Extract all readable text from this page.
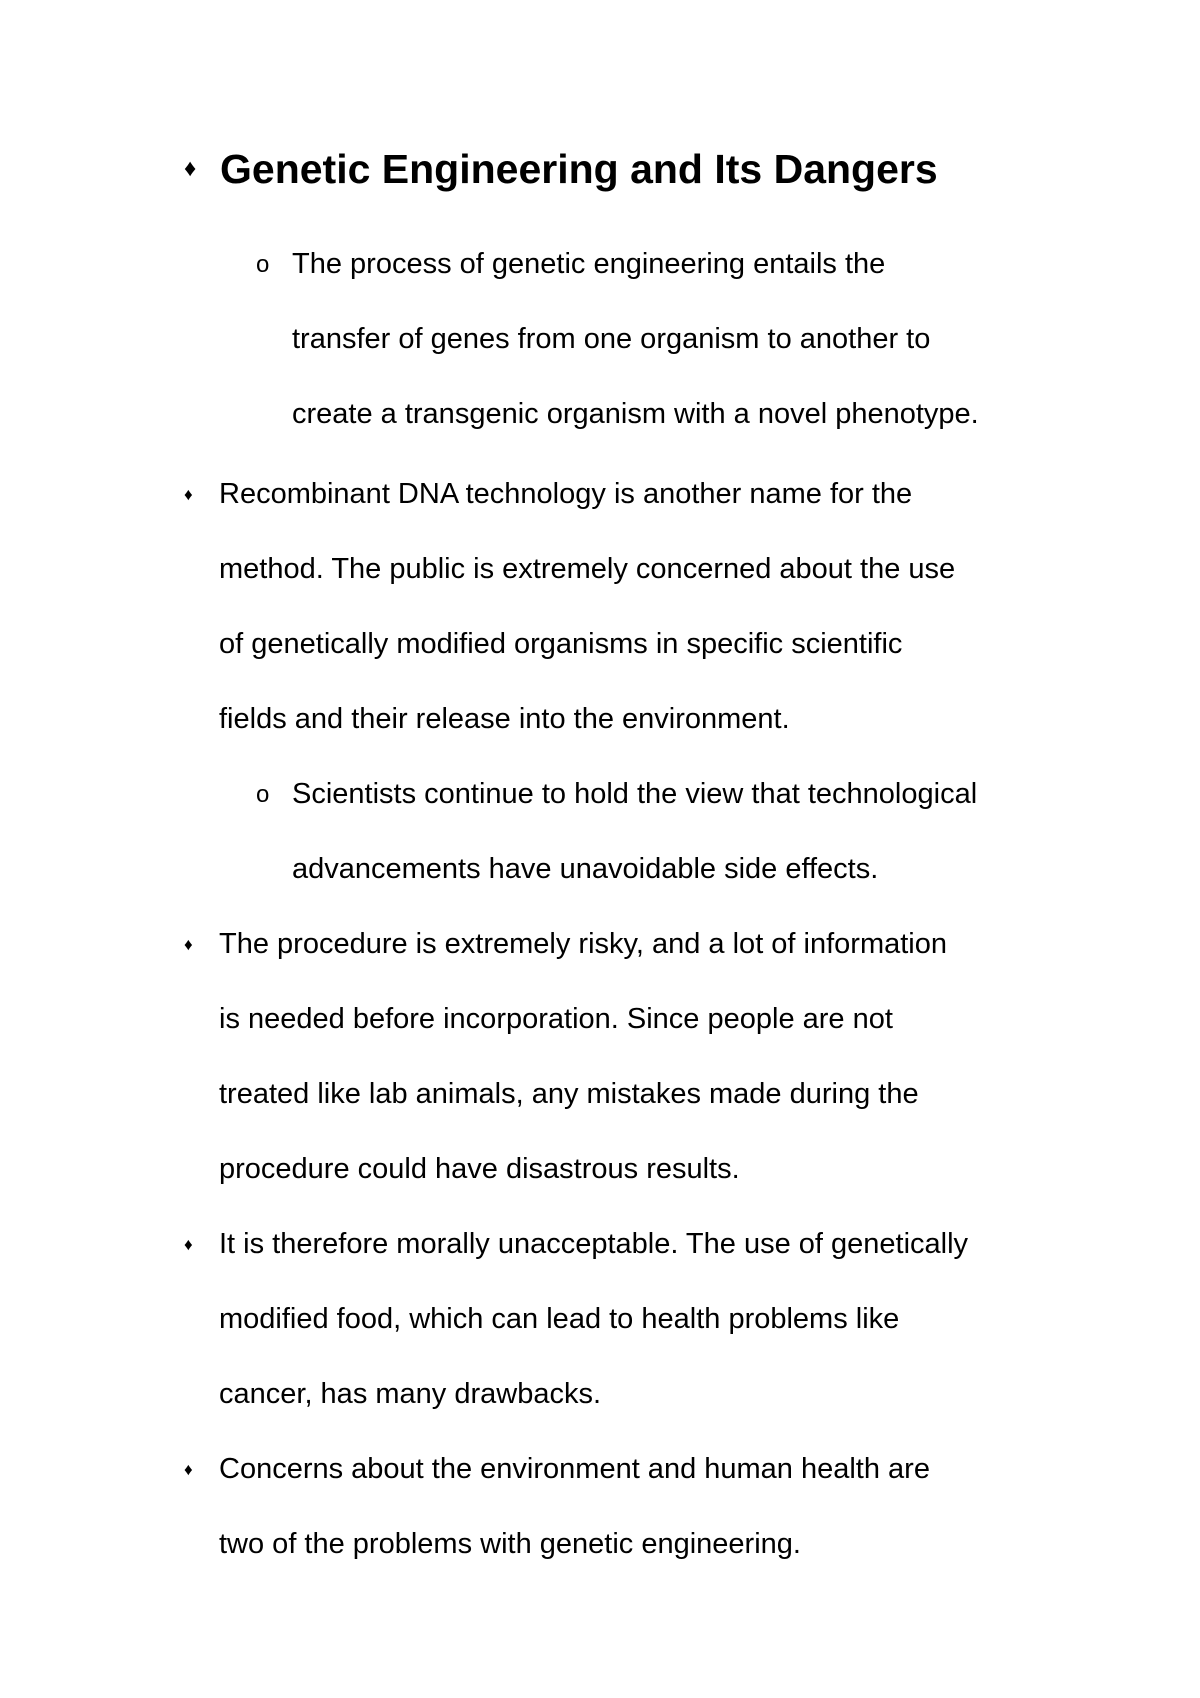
♦ Genetic Engineering and Its Dangers
o The process of genetic engineering entails the
transfer of genes from one organism to another to
create a transgenic organism with a novel phenotype.
♦ Recombinant DNA technology is another name for the
method. The public is extremely concerned about the use
of genetically modified organisms in specific scientific
fields and their release into the environment.
o Scientists continue to hold the view that technological
advancements have unavoidable side effects.
♦ The procedure is extremely risky, and a lot of information
is needed before incorporation. Since people are not
treated like lab animals, any mistakes made during the
procedure could have disastrous results.
♦ It is therefore morally unacceptable. The use of genetically
modified food, which can lead to health problems like
cancer, has many drawbacks.
♦ Concerns about the environment and human health are
two of the problems with genetic engineering.
